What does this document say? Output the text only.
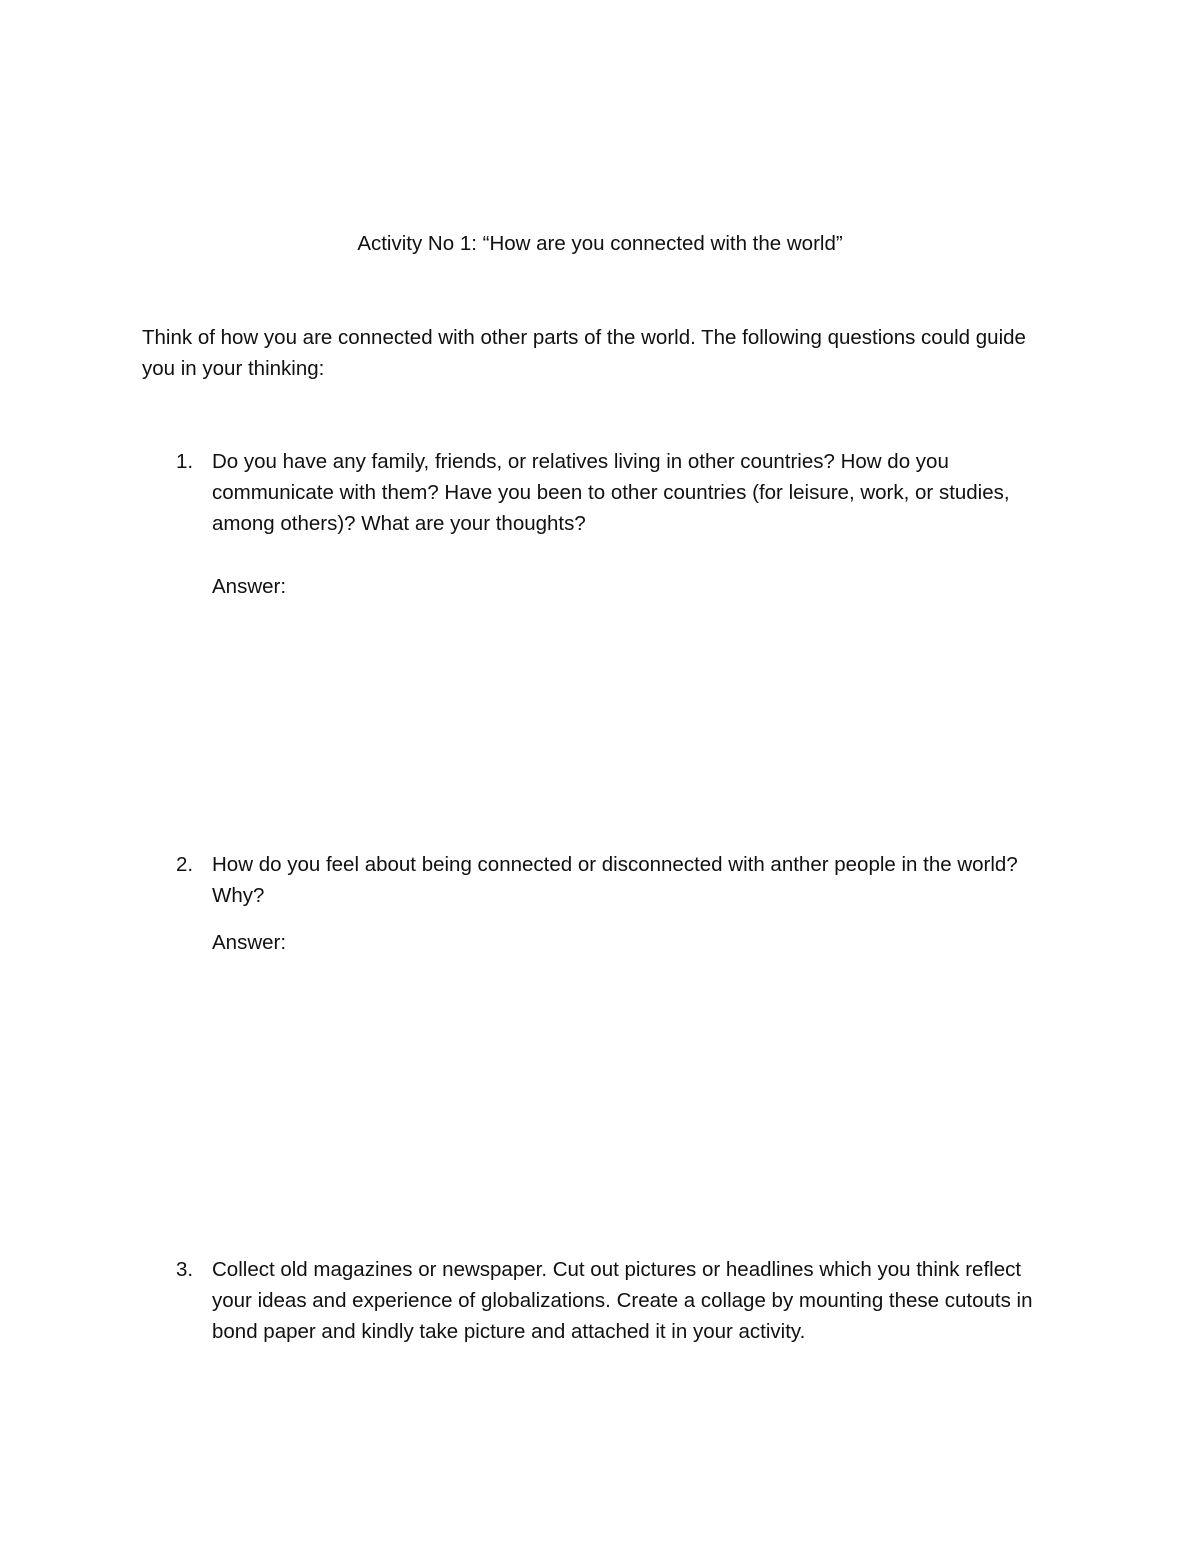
Activity No 1: “How are you connected with the world”
Think of how you are connected with other parts of the world. The following questions could guide you in your thinking:
1. Do you have any family, friends, or relatives living in other countries? How do you communicate with them? Have you been to other countries (for leisure, work, or studies, among others)? What are your thoughts?
Answer:
2. How do you feel about being connected or disconnected with anther people in the world? Why?
Answer:
3. Collect old magazines or newspaper. Cut out pictures or headlines which you think reflect your ideas and experience of globalizations. Create a collage by mounting these cutouts in bond paper and kindly take picture and attached it in your activity.
